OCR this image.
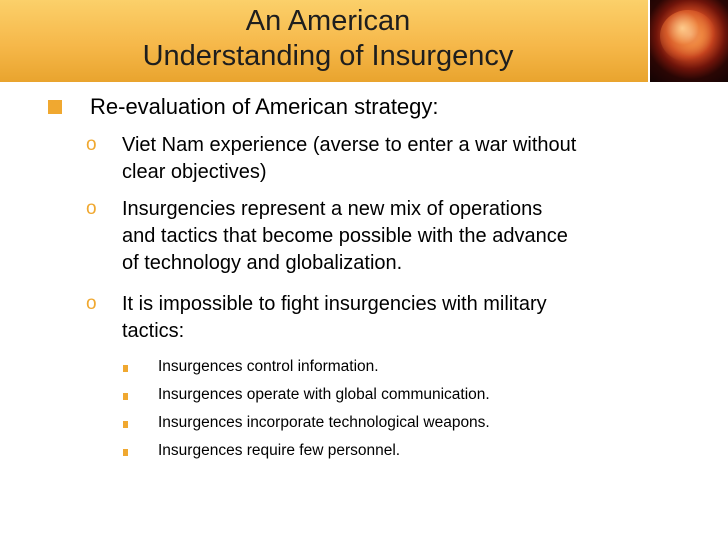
An American
Understanding of Insurgency
Re-evaluation of American strategy:
o Viet Nam experience (averse to enter a war without
clear objectives)
o Insurgencies represent a new mix of operations
and tactics that become possible with the advance
of technology and globalization.
o It is impossible to fight insurgencies with military
tactics:
Insurgences control information.
Insurgences operate with global communication.
Insurgences incorporate technological weapons.
Insurgences require few personnel.
